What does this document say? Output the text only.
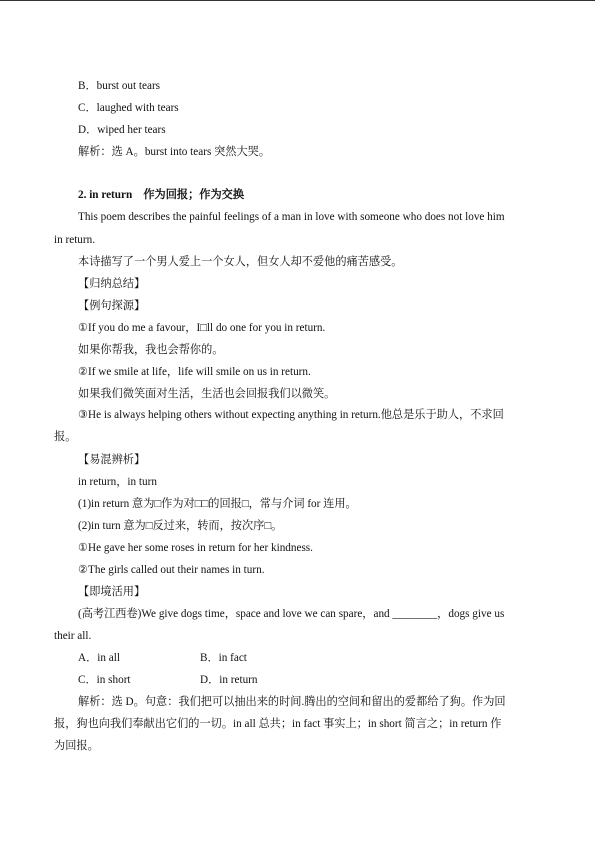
B．burst out tears
C．laughed with tears
D．wiped her tears
解析：选 A。burst into tears 突然大哭。
2. in return　作为回报；作为交换
This poem describes the painful feelings of a man in love with someone who does not love him
in return.
本诗描写了一个男人爱上一个女人，但女人却不爱他的痛苦感受。
【归纳总结】
【例句探源】
①If you do me a favour，I□ll do one for you in return.
如果你帮我，我也会帮你的。
②If we smile at life，life will smile on us in return.
如果我们微笑面对生活，生活也会回报我们以微笑。
③He is always helping others without expecting anything in return.他总是乐于助人，不求回
报。
【易混辨析】
in return，in turn
(1)in return 意为□作为对□□的回报□，常与介词 for 连用。
(2)in turn 意为□反过来，转而，按次序□。
①He gave her some roses in return for her kindness.
②The girls called out their names in turn.
【即境活用】
(高考江西卷)We give dogs time，space and love we can spare，and ________，dogs give us
their all.
A．in all	B．in fact
C．in short	D．in return
解析：选 D。句意：我们把可以抽出来的时间.腾出的空间和留出的爱都给了狗。作为回
报，狗也向我们奉献出它们的一切。in all 总共；in fact 事实上；in short 简言之；in return 作
为回报。
